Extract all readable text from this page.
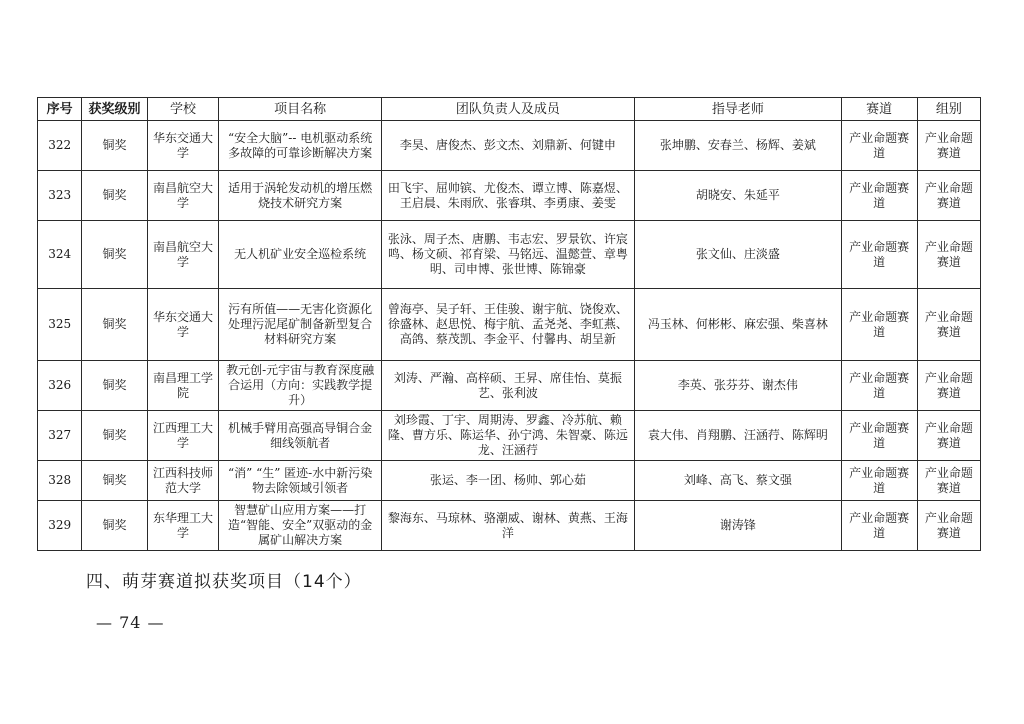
序号	获奖级别	学校	项目名称	团队负责人及成员	指导老师	赛道	组别
322	铜奖	华东交通大学	“安全大脑”-- 电机驱动系统多故障的可靠诊断解决方案	李昊、唐俊杰、彭文杰、刘鼎新、何键申	张坤鹏、安春兰、杨辉、姜斌	产业命题赛道	产业命题赛道
323	铜奖	南昌航空大学	适用于涡轮发动机的增压燃烧技术研究方案	田飞宇、屈帅镔、尤俊杰、谭立博、陈嘉煜、王启晨、朱雨欣、张睿琪、李勇康、姜雯	胡晓安、朱延平	产业命题赛道	产业命题赛道
324	铜奖	南昌航空大学	无人机矿业安全巡检系统	张泳、周子杰、唐鹏、韦志宏、罗景钦、许宸鸣、杨文硕、祁育梁、马铭远、温懿萱、章粤明、司申博、张世博、陈锦豪	张文仙、庄淡盛	产业命题赛道	产业命题赛道
325	铜奖	华东交通大学	污有所值——无害化资源化处理污泥尾矿制备新型复合材料研究方案	曾海亭、吴子轩、王佳骏、谢宇航、饶俊欢、徐盛林、赵思悦、梅宇航、孟尧尧、李虹燕、高鸽、蔡茂凯、李金平、付馨冉、胡呈新	冯玉林、何彬彬、麻宏强、柴喜林	产业命题赛道	产业命题赛道
326	铜奖	南昌理工学院	教元创-元宇宙与教育深度融合运用（方向：实践教学提升）	刘涛、严瀚、高梓硕、王昇、席佳怡、莫振艺、张利波	李英、张芬芬、谢杰伟	产业命题赛道	产业命题赛道
327	铜奖	江西理工大学	机械手臂用高强高导铜合金细线领航者	刘珍霞、丁宇、周期涛、罗鑫、冷苏航、赖隆、曹方乐、陈运华、孙宁鸿、朱智豪、陈远龙、汪涵荇	袁大伟、肖翔鹏、汪涵荇、陈辉明	产业命题赛道	产业命题赛道
328	铜奖	江西科技师范大学	“消” “生” 匿迹-水中新污染物去除领域引领者	张运、李一团、杨帅、郭心茹	刘峰、高飞、蔡文强	产业命题赛道	产业命题赛道
329	铜奖	东华理工大学	智慧矿山应用方案——打造“智能、安全”双驱动的金属矿山解决方案	黎海东、马琼林、骆潮威、谢林、黄燕、王海洋	谢涛锋	产业命题赛道	产业命题赛道
四、萌芽赛道拟获奖项目（14个）
— 74 —
